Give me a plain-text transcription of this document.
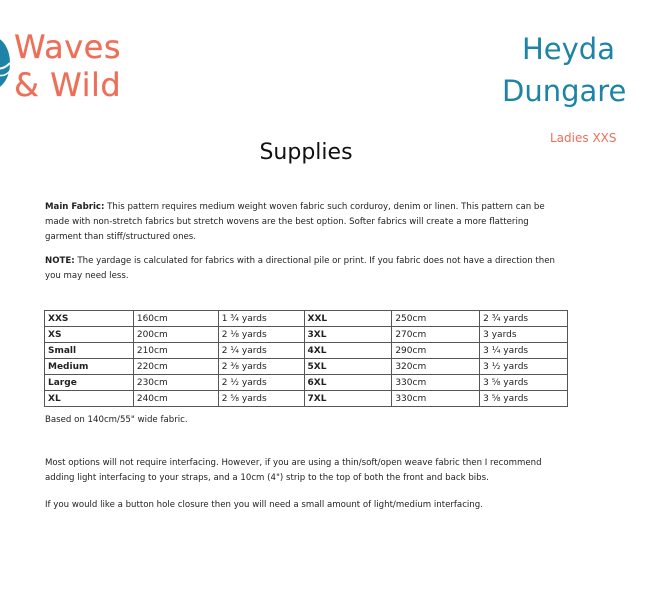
Waves
& Wild
Heyda
Dungare
Ladies XXS
Supplies
Main Fabric: This pattern requires medium weight woven fabric such corduroy, denim or linen. This pattern can be made with non-stretch fabrics but stretch wovens are the best option. Softer fabrics will create a more flattering garment than stiff/structured ones.
NOTE: The yardage is calculated for fabrics with a directional pile or print. If you fabric does not have a direction then you may need less.
XXS	160cm	1 ¾ yards	XXL	250cm	2 ¾ yards
XS	200cm	2 ⅛ yards	3XL	270cm	3 yards
Small	210cm	2 ¼ yards	4XL	290cm	3 ¼ yards
Medium	220cm	2 ⅜ yards	5XL	320cm	3 ½ yards
Large	230cm	2 ½ yards	6XL	330cm	3 ⅝ yards
XL	240cm	2 ⅝ yards	7XL	330cm	3 ⅝ yards
Based on 140cm/55" wide fabric.
Most options will not require interfacing. However, if you are using a thin/soft/open weave fabric then I recommend adding light interfacing to your straps, and a 10cm (4") strip to the top of both the front and back bibs.
If you would like a button hole closure then you will need a small amount of light/medium interfacing.
